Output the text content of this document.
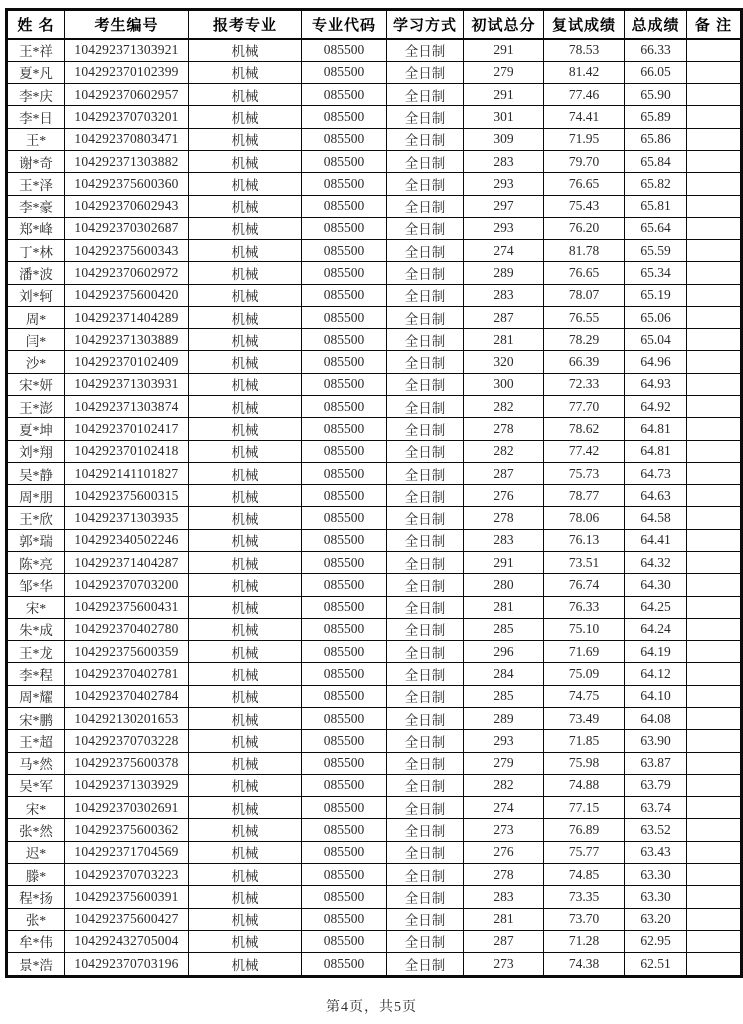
姓 名	考生编号	报考专业	专业代码	学习方式	初试总分	复试成绩	总成绩	备 注
王*祥	104292371303921	机械	085500	全日制	291	78.53	66.33	
夏*凡	104292370102399	机械	085500	全日制	279	81.42	66.05	
李*庆	104292370602957	机械	085500	全日制	291	77.46	65.90	
李*日	104292370703201	机械	085500	全日制	301	74.41	65.89	
王*	104292370803471	机械	085500	全日制	309	71.95	65.86	
谢*奇	104292371303882	机械	085500	全日制	283	79.70	65.84	
王*泽	104292375600360	机械	085500	全日制	293	76.65	65.82	
李*豪	104292370602943	机械	085500	全日制	297	75.43	65.81	
郑*峰	104292370302687	机械	085500	全日制	293	76.20	65.64	
丁*林	104292375600343	机械	085500	全日制	274	81.78	65.59	
潘*波	104292370602972	机械	085500	全日制	289	76.65	65.34	
刘*轲	104292375600420	机械	085500	全日制	283	78.07	65.19	
周*	104292371404289	机械	085500	全日制	287	76.55	65.06	
闫*	104292371303889	机械	085500	全日制	281	78.29	65.04	
沙*	104292370102409	机械	085500	全日制	320	66.39	64.96	
宋*妍	104292371303931	机械	085500	全日制	300	72.33	64.93	
王*澎	104292371303874	机械	085500	全日制	282	77.70	64.92	
夏*坤	104292370102417	机械	085500	全日制	278	78.62	64.81	
刘*翔	104292370102418	机械	085500	全日制	282	77.42	64.81	
吴*静	104292141101827	机械	085500	全日制	287	75.73	64.73	
周*朋	104292375600315	机械	085500	全日制	276	78.77	64.63	
王*欣	104292371303935	机械	085500	全日制	278	78.06	64.58	
郭*瑞	104292340502246	机械	085500	全日制	283	76.13	64.41	
陈*亮	104292371404287	机械	085500	全日制	291	73.51	64.32	
邹*华	104292370703200	机械	085500	全日制	280	76.74	64.30	
宋*	104292375600431	机械	085500	全日制	281	76.33	64.25	
朱*成	104292370402780	机械	085500	全日制	285	75.10	64.24	
王*龙	104292375600359	机械	085500	全日制	296	71.69	64.19	
李*程	104292370402781	机械	085500	全日制	284	75.09	64.12	
周*耀	104292370402784	机械	085500	全日制	285	74.75	64.10	
宋*鹏	104292130201653	机械	085500	全日制	289	73.49	64.08	
王*超	104292370703228	机械	085500	全日制	293	71.85	63.90	
马*然	104292375600378	机械	085500	全日制	279	75.98	63.87	
吴*军	104292371303929	机械	085500	全日制	282	74.88	63.79	
宋*	104292370302691	机械	085500	全日制	274	77.15	63.74	
张*然	104292375600362	机械	085500	全日制	273	76.89	63.52	
迟*	104292371704569	机械	085500	全日制	276	75.77	63.43	
滕*	104292370703223	机械	085500	全日制	278	74.85	63.30	
程*扬	104292375600391	机械	085500	全日制	283	73.35	63.30	
张*	104292375600427	机械	085500	全日制	281	73.70	63.20	
牟*伟	104292432705004	机械	085500	全日制	287	71.28	62.95	
景*浩	104292370703196	机械	085500	全日制	273	74.38	62.51	
第4页，共5页
